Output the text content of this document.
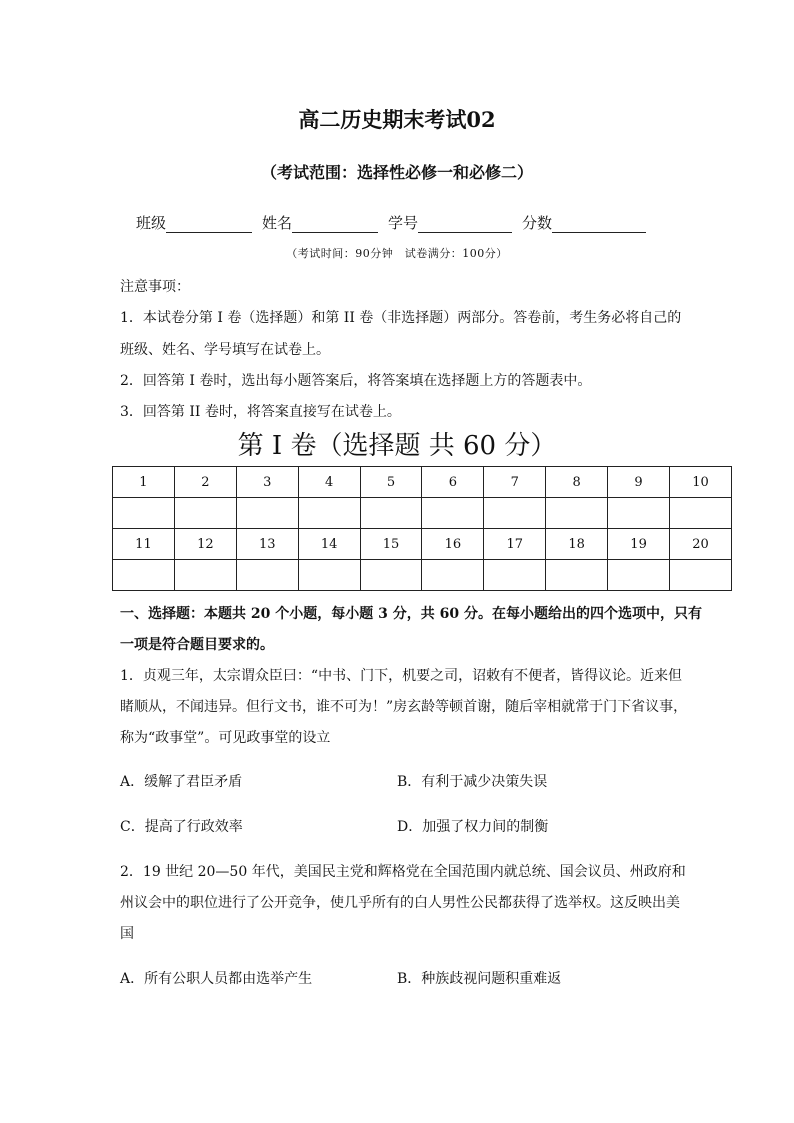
高二历史期末考试02
（考试范围：选择性必修一和必修二）
班级	姓名	学号	分数
（考试时间：90分钟　试卷满分：100分）
注意事项：
1．本试卷分第 I 卷（选择题）和第 II 卷（非选择题）两部分。答卷前，考生务必将自己的
班级、姓名、学号填写在试卷上。
2．回答第 I 卷时，选出每小题答案后，将答案填在选择题上方的答题表中。
3．回答第 II 卷时，将答案直接写在试卷上。
第 I 卷（选择题 共 60 分）
1	2	3	4	5	6	7	8	9	10

11	12	13	14	15	16	17	18	19	20

一、选择题：本题共 20 个小题，每小题 3 分，共 60 分。在每小题给出的四个选项中，只有
一项是符合题目要求的。
1．贞观三年，太宗谓众臣曰：“中书、门下，机要之司，诏敕有不便者，皆得议论。近来但
睹顺从，不闻违异。但行文书，谁不可为！”房玄龄等顿首谢，随后宰相就常于门下省议事，
称为“政事堂”。可见政事堂的设立
A．缓解了君臣矛盾	B．有利于减少决策失误
C．提高了行政效率	D．加强了权力间的制衡
2．19 世纪 20—50 年代，美国民主党和辉格党在全国范围内就总统、国会议员、州政府和
州议会中的职位进行了公开竞争，使几乎所有的白人男性公民都获得了选举权。这反映出美
国
A．所有公职人员都由选举产生	B．种族歧视问题积重难返
